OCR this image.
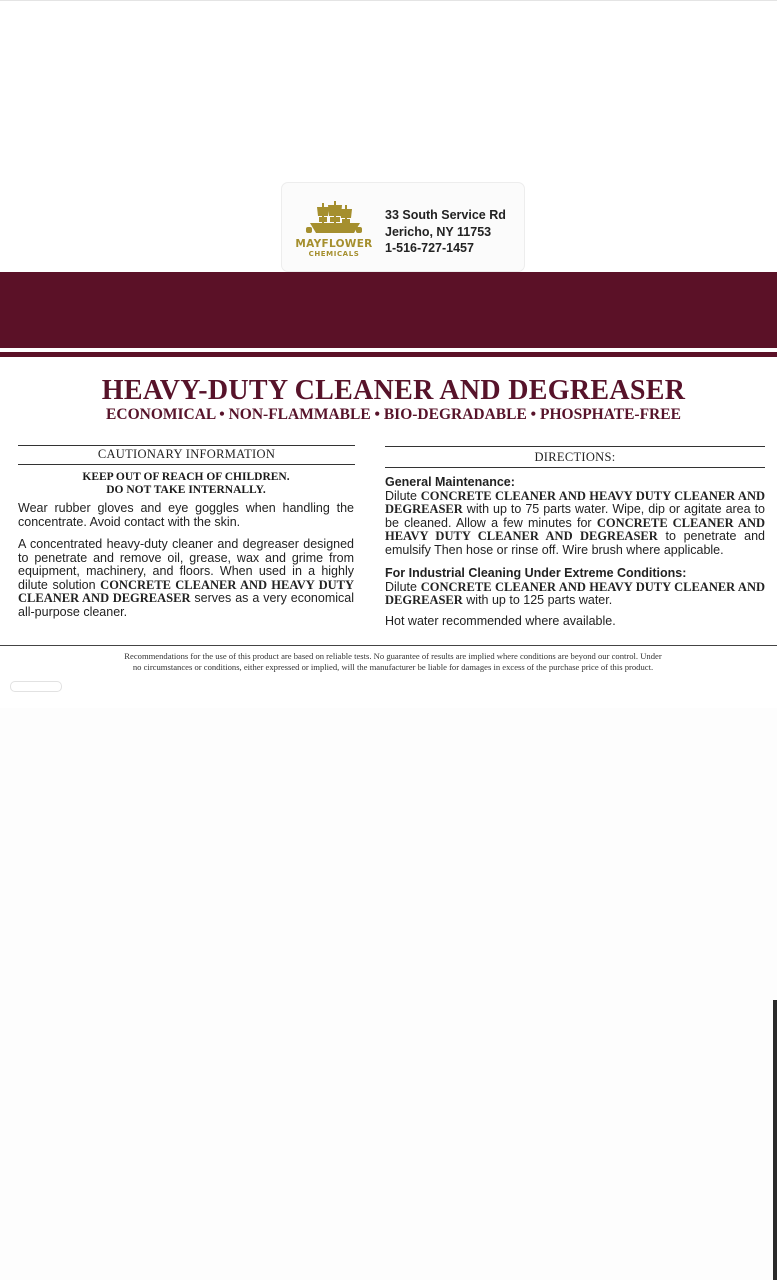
MAYFLOWER
CHEMICALS
33 South Service Rd
Jericho, NY 11753
1-516-727-1457
HEAVY-DUTY CLEANER AND DEGREASER
ECONOMICAL • NON-FLAMMABLE • BIO-DEGRADABLE • PHOSPHATE-FREE
CAUTIONARY INFORMATION
KEEP OUT OF REACH OF CHILDREN.
DO NOT TAKE INTERNALLY.
Wear rubber gloves and eye goggles when handling the concentrate. Avoid contact with the skin.
A concentrated heavy-duty cleaner and degreaser designed to penetrate and remove oil, grease, wax and grime from equipment, machinery, and floors. When used in a highly dilute solution CONCRETE CLEANER AND HEAVY DUTY CLEANER AND DEGREASER serves as a very economical all-purpose cleaner.
DIRECTIONS:
General Maintenance:
Dilute CONCRETE CLEANER AND HEAVY DUTY CLEANER AND DEGREASER with up to 75 parts water. Wipe, dip or agitate area to be cleaned. Allow a few minutes for CONCRETE CLEANER AND HEAVY DUTY CLEANER AND DEGREASER to penetrate and emulsify Then hose or rinse off. Wire brush where applicable.
For Industrial Cleaning Under Extreme Conditions:
Dilute CONCRETE CLEANER AND HEAVY DUTY CLEANER AND DEGREASER with up to 125 parts water.
Hot water recommended where available.
Recommendations for the use of this product are based on reliable tests. No guarantee of results are implied where conditions are beyond our control. Under
no circumstances or conditions, either expressed or implied, will the manufacturer be liable for damages in excess of the purchase price of this product.
